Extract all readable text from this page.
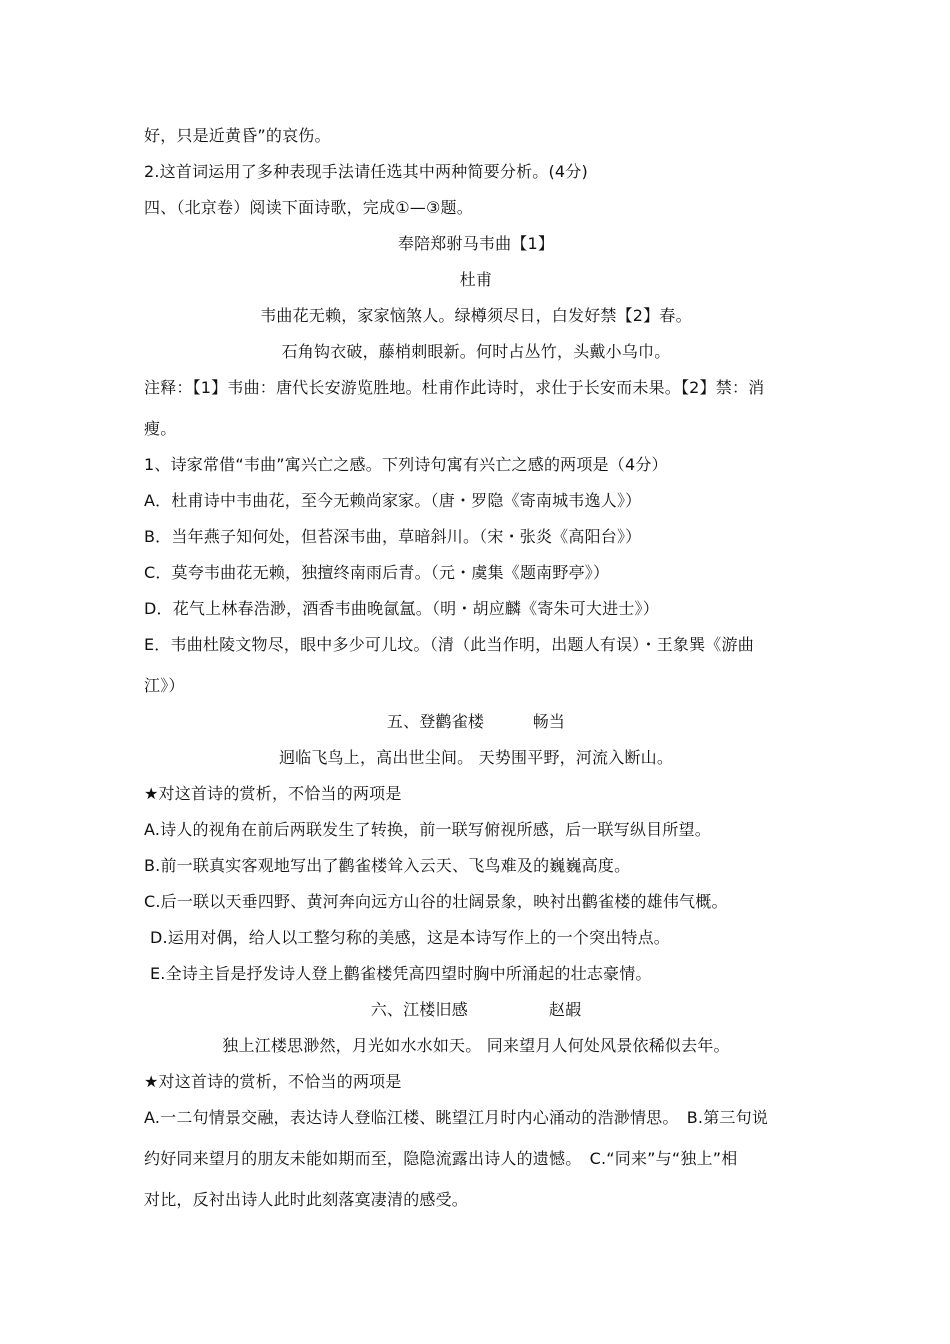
好，只是近黄昏”的哀伤。
2.这首词运用了多种表现手法请任选其中两种简要分析。(4分)
四、（北京卷）阅读下面诗歌，完成①—③题。
奉陪郑驸马韦曲【1】
杜甫
韦曲花无赖，家家恼煞人。绿樽须尽日，白发好禁【2】春。
石角钩衣破，藤梢刺眼新。何时占丛竹，头戴小乌巾。
注释：【1】韦曲：唐代长安游览胜地。杜甫作此诗时，求仕于长安而未果。【2】禁：消
瘦。
1、诗家常借“韦曲”寓兴亡之感。下列诗句寓有兴亡之感的两项是（4分）
A．杜甫诗中韦曲花，至今无赖尚家家。（唐・罗隐《寄南城韦逸人》）
B．当年燕子知何处，但苔深韦曲，草暗斜川。（宋・张炎《高阳台》）
C．莫夸韦曲花无赖，独擅终南雨后青。（元・虞集《题南野亭》）
D．花气上林春浩渺，酒香韦曲晚氤氲。（明・胡应麟《寄朱可大进士》）
E．韦曲杜陵文物尽，眼中多少可儿坟。（清（此当作明，出题人有误）・王象巽《游曲
江》）
五、登鹳雀楼　　　畅当
迥临飞鸟上，高出世尘间。 天势围平野，河流入断山。
★对这首诗的赏析，不恰当的两项是
A.诗人的视角在前后两联发生了转换，前一联写俯视所感，后一联写纵目所望。
B.前一联真实客观地写出了鹳雀楼耸入云天、飞鸟难及的巍巍高度。
C.后一联以天垂四野、黄河奔向远方山谷的壮阔景象，映衬出鹳雀楼的雄伟气概。
D.运用对偶，给人以工整匀称的美感，这是本诗写作上的一个突出特点。
E.全诗主旨是抒发诗人登上鹳雀楼凭高四望时胸中所涌起的壮志豪情。
六、江楼旧感　　　　　赵嘏
独上江楼思渺然，月光如水水如天。 同来望月人何处风景依稀似去年。
★对这首诗的赏析，不恰当的两项是
A.一二句情景交融，表达诗人登临江楼、眺望江月时内心涌动的浩渺情思。　B.第三句说
约好同来望月的朋友未能如期而至，隐隐流露出诗人的遗憾。　C.“同来”与“独上”相
对比，反衬出诗人此时此刻落寞凄清的感受。
